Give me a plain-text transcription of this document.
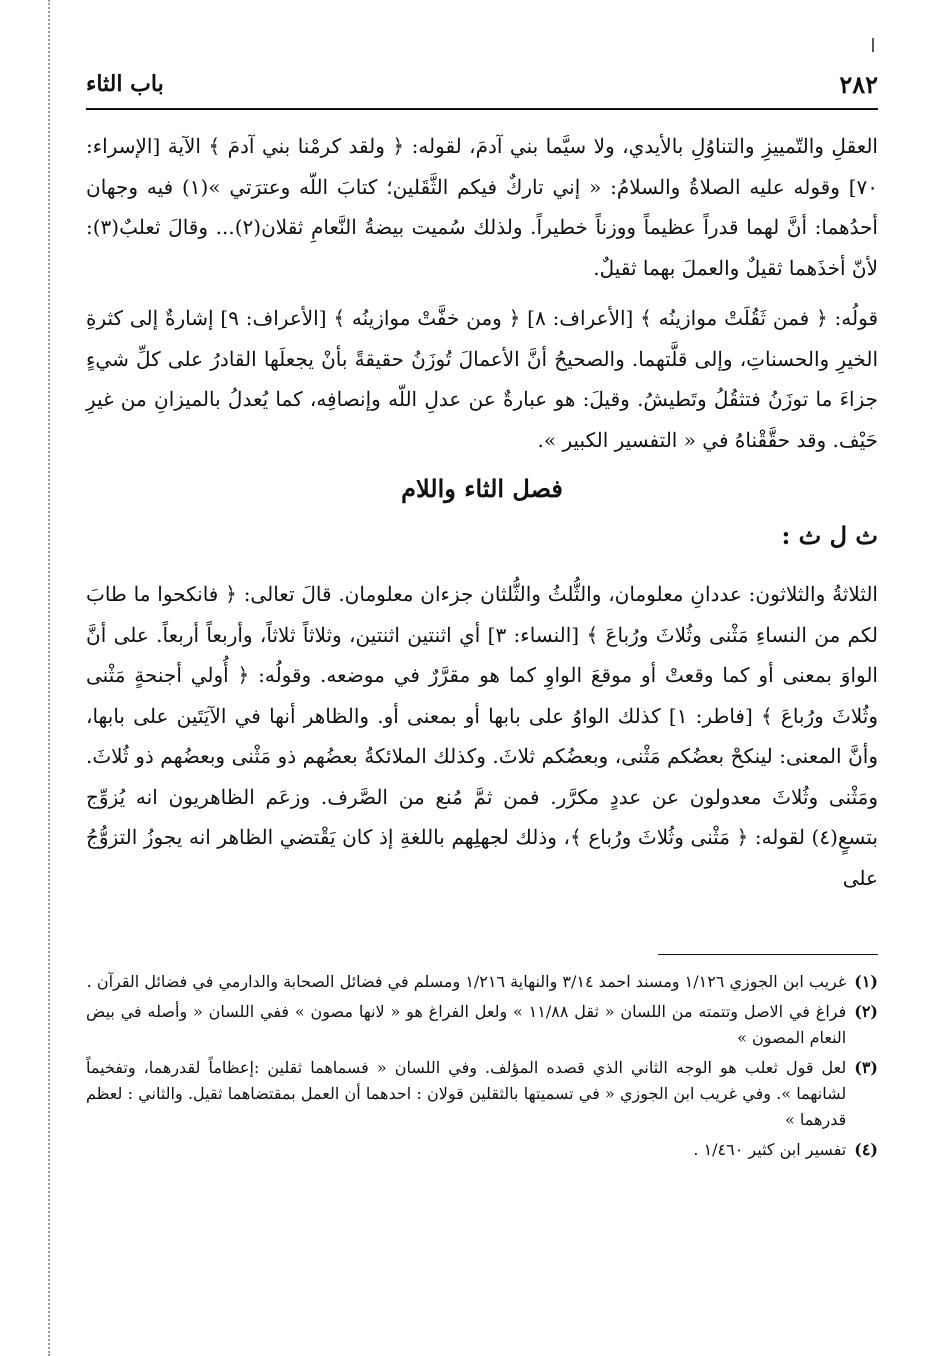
٢٨٢
باب الثاء

العقلِ والتّمييزِ والتناوُلِ بالأيدي، ولا سيَّما بني آدمَ، لقوله: ﴿ ولقد كرمْنا بني آدمَ ﴾ الآية [الإسراء: ٧٠] وقوله عليه الصلاةُ والسلامُ: « إني تاركٌ فيكم الثَّقَلين؛ كتابَ اللّه وعترَتي »(١) فيه وجهان أحدُهما: أنَّ لهما قدراً عظيماً ووزناً خطيراً. ولذلك سُميت بيضةُ النَّعامِ ثقلان(٢)... وقالَ ثعلبٌ(٣): لأنّ أخذَهما ثقيلٌ والعملَ بهما ثقيلٌ.

قولُه: ﴿ فمن ثَقُلَتْ موازينُه ﴾ [الأعراف: ٨] ﴿ ومن خفَّتْ موازينُه ﴾ [الأعراف: ٩] إشارةٌ إلى كثرةِ الخيرِ والحسناتِ، وإلى قلَّتهما. والصحيحُ أنَّ الأعمالَ تُوزَنُ حقيقةً بأنْ يجعلَها القادرُ على كلِّ شيءٍ جزاءَ ما توزَنُ فتثقُلُ وتَطيشُ. وقيلَ: هو عبارةٌ عن عدلِ اللّه وإنصافِه، كما يُعدلُ بالميزانِ من غيرِ حَيْف. وقد حقَّقْناهُ في « التفسير الكبير ».

فصل الثاء واللام
ث ل ث :

الثلاثةُ والثلاثون: عددانِ معلومان، والثُّلثُ والثُّلثان جزءان معلومان. قالَ تعالى: ﴿ فانكحوا ما طابَ لكم من النساءِ مَثْنى وثُلاثَ ورُباعَ ﴾ [النساء: ٣] أي اثنتين اثنتين، وثلاثاً ثلاثاً، وأربعاً أربعاً. على أنَّ الواوَ بمعنى أو كما وقعتْ أو موقعَ الواوِ كما هو مقرَّرٌ في موضعه. وقولُه: ﴿ أُولي أجنحةٍ مَثْنى وثُلاثَ ورُباعَ ﴾ [فاطر: ١] كذلك الواوُ على بابها أو بمعنى أو. والظاهر أنها في الآيَتَين على بابها، وأنَّ المعنى: لينكحْ بعضُكم مَثْنى، وبعضُكم ثلاثَ. وكذلك الملائكةُ بعضُهم ذو مَثْنى وبعضُهم ذو ثُلاثَ. ومَثْنى وثُلاثَ معدولون عن عددٍ مكرَّر. فمن ثمَّ مُنع من الصَّرف. وزعَم الظاهريون انه يُزوِّج بتسعٍ(٤) لقوله: ﴿ مَثْنى وثُلاثَ ورُباع ﴾، وذلك لجهلِهم باللغةِ إذ كان يَقْتضي الظاهر انه يجوزُ التزوُّجُ على

(١)
غريب ابن الجوزي ١/١٢٦ ومسند احمد ٣/١٤ والنهاية ١/٢١٦ ومسلم في فضائل الصحابة والدارمي في فضائل القرآن .
(٢)
فراغ في الاصل وتتمته من اللسان « ثقل ١١/٨٨ » ولعل الفراغ هو « لانها مصون » ففي اللسان « وأصله في بيض النعام المصون »
(٣)
لعل قول ثعلب هو الوجه الثاني الذي قصده المؤلف. وفي اللسان « فسماهما ثقلين :إعظاماً لقدرهما، وتفخيماً لشانهما ». وفي غريب ابن الجوزي « في تسميتها بالثقلين قولان : احدهما أن العمل بمقتضاهما ثقيل. والثاني : لعظم قدرهما »
(٤)
تفسير ابن كثير ١/٤٦٠ .
